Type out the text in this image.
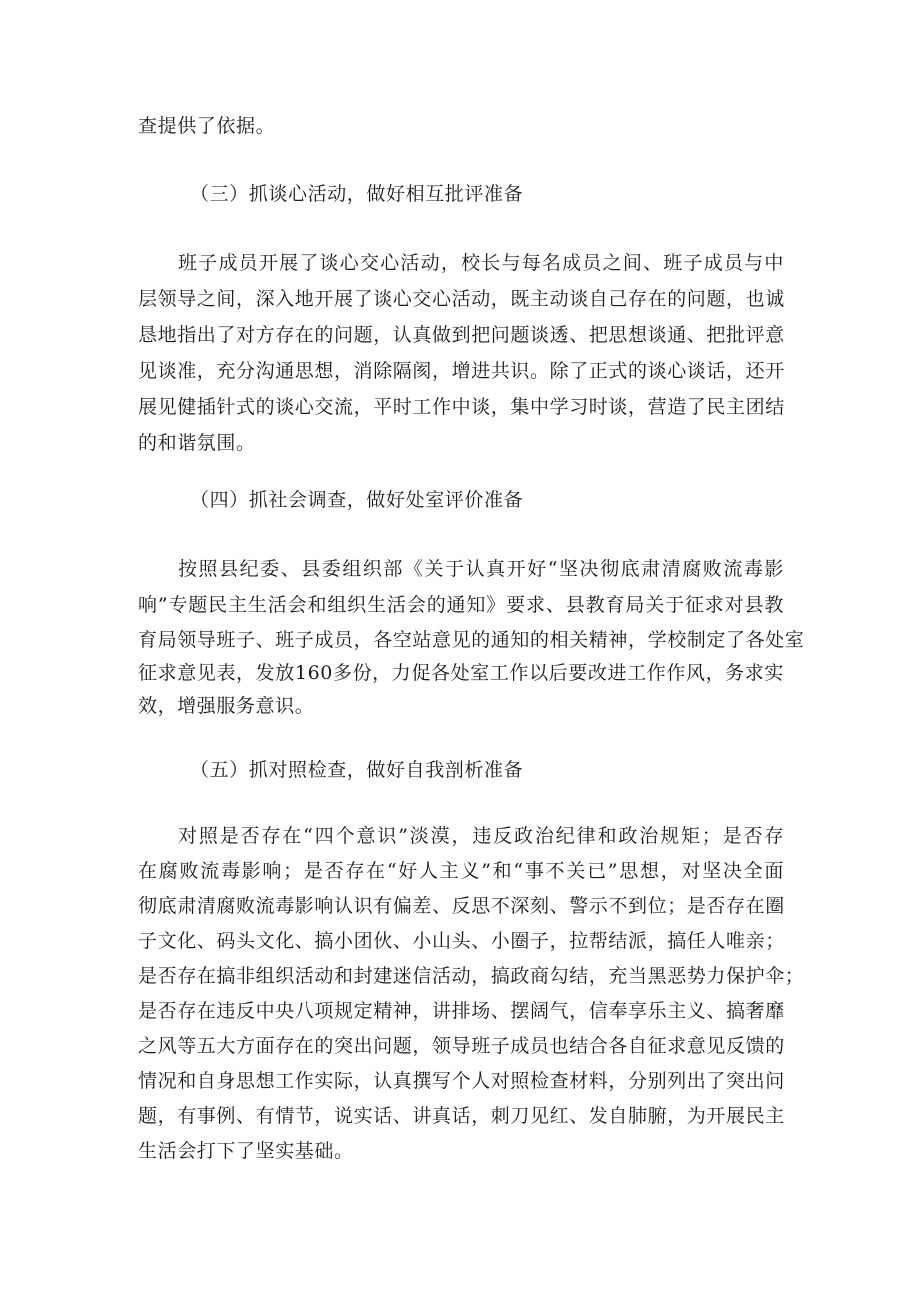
查提供了依据。
（三）抓谈心活动，做好相互批评准备
班子成员开展了谈心交心活动，校长与每名成员之间、班子成员与中
层领导之间，深入地开展了谈心交心活动，既主动谈自己存在的问题，也诚
恳地指出了对方存在的问题，认真做到把问题谈透、把思想谈通、把批评意
见谈准，充分沟通思想，消除隔阂，增进共识。除了正式的谈心谈话，还开
展见健插针式的谈心交流，平时工作中谈，集中学习时谈，营造了民主团结
的和谐氛围。
（四）抓社会调查，做好处室评价准备
按照县纪委、县委组织部《关于认真开好“坚决彻底肃清腐败流毒影
响”专题民主生活会和组织生活会的通知》要求、县教育局关于征求对县教
育局领导班子、班子成员，各空站意见的通知的相关精神，学校制定了各处室
征求意见表，发放160多份，力促各处室工作以后要改进工作作风，务求实
效，增强服务意识。
（五）抓对照检查，做好自我剖析准备
对照是否存在“四个意识”淡漠，违反政治纪律和政治规矩；是否存
在腐败流毒影响；是否存在“好人主义”和“事不关已”思想，对坚决全面
彻底肃清腐败流毒影响认识有偏差、反思不深刻、警示不到位；是否存在圈
子文化、码头文化、搞小团伙、小山头、小圈子，拉帮结派，搞任人唯亲；
是否存在搞非组织活动和封建迷信活动，搞政商勾结，充当黑恶势力保护伞；
是否存在违反中央八项规定精神，讲排场、摆阔气，信奉享乐主义、搞奢靡
之风等五大方面存在的突出问题，领导班子成员也结合各自征求意见反馈的
情况和自身思想工作实际，认真撰写个人对照检查材料，分别列出了突出问
题，有事例、有情节，说实话、讲真话，刺刀见红、发自肺腑，为开展民主
生活会打下了坚实基础。
